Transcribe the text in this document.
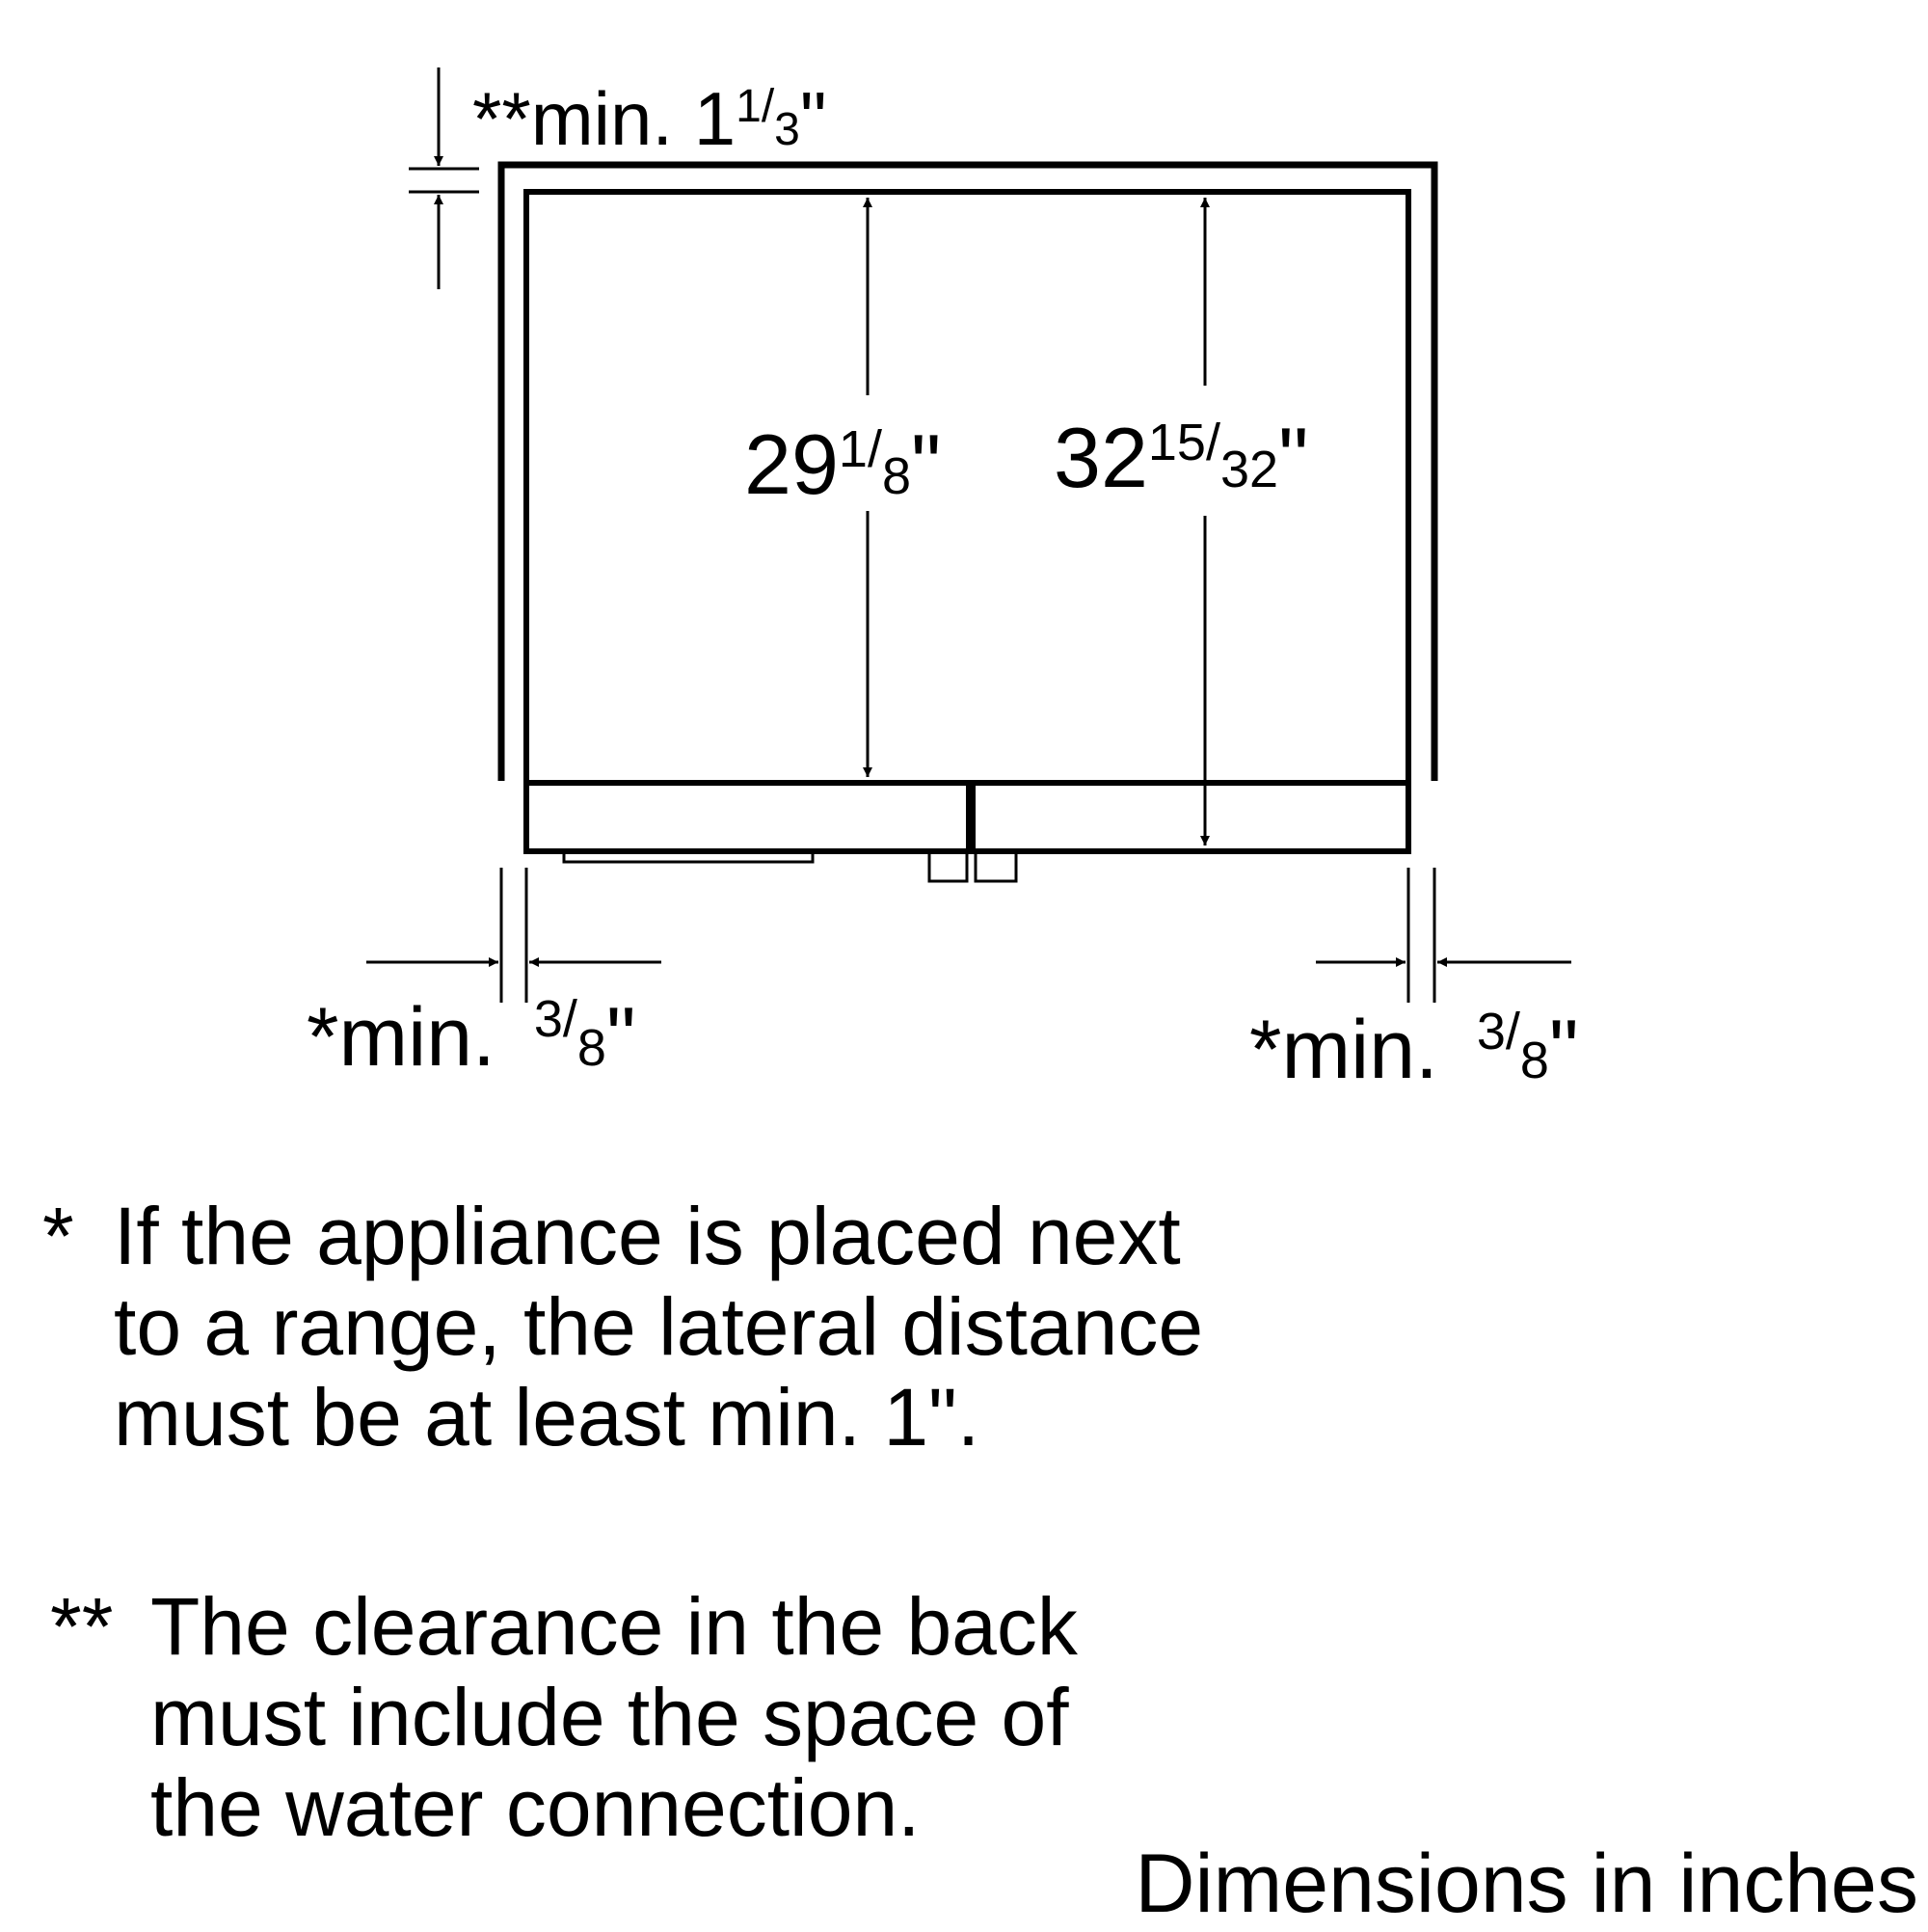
**min. $1^1/_3$"
$29^1/_8$" $32^{15}/_{32}$"
*min. $^3/_8$"	*min. $^3/_8$"
* If the appliance is placed next
to a range, the lateral distance
must be at least min. 1".
** The clearance in the back
must include the space of
the water connection.
Dimensions in inches
